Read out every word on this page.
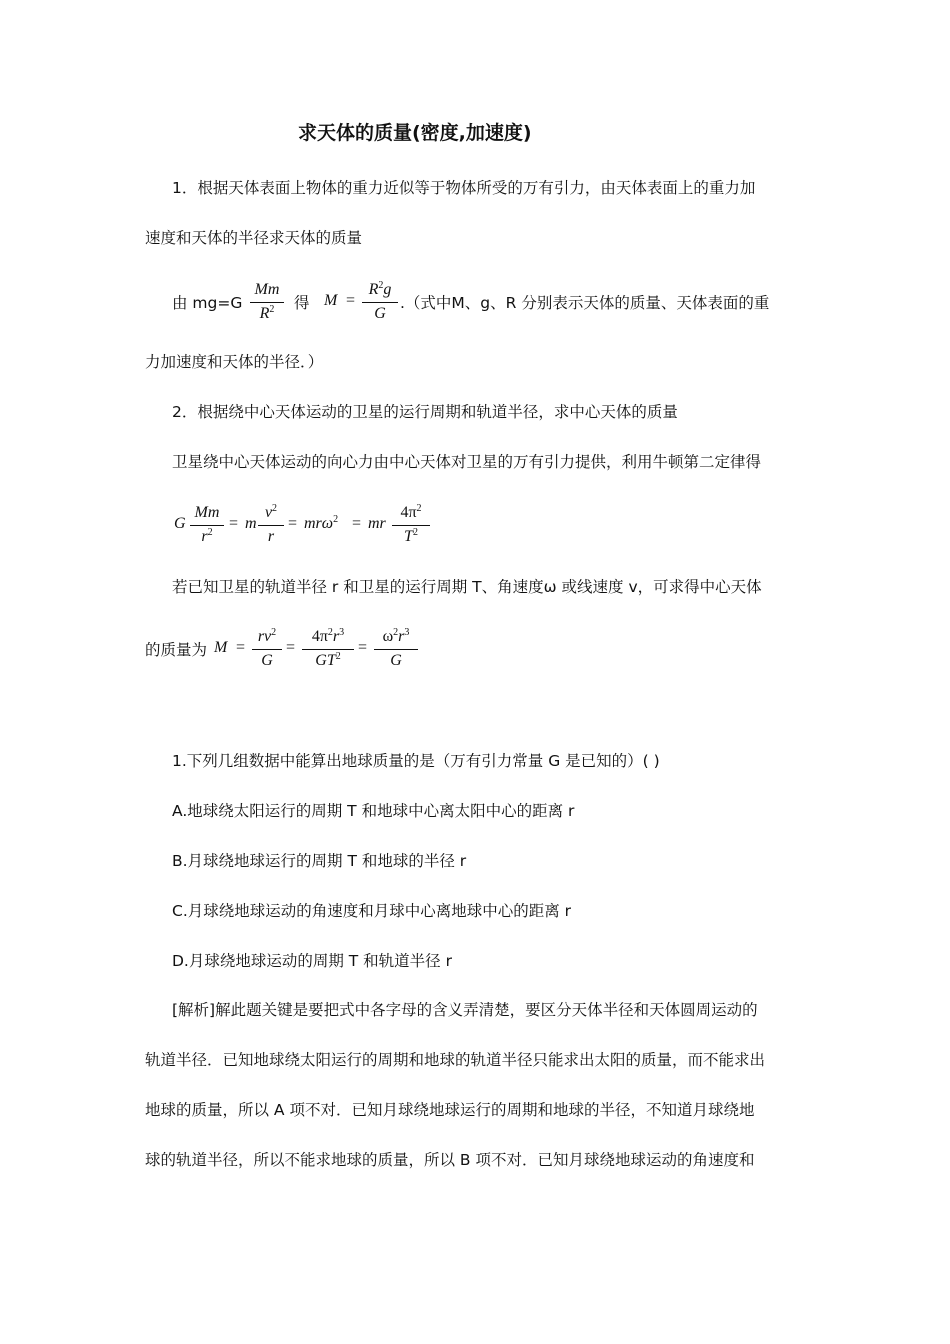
求天体的质量(密度,加速度)
1．根据天体表面上物体的重力近似等于物体所受的万有引力，由天体表面上的重力加
速度和天体的半径求天体的质量
由 mg=G
Mm
$R^2$	得 M =
$R^2g$
G
.（式中M、g、R 分别表示天体的质量、天体表面的重
力加速度和天体的半径．）
2．根据绕中心天体运动的卫星的运行周期和轨道半径，求中心天体的质量
卫星绕中心天体运动的向心力由中心天体对卫星的万有引力提供，利用牛顿第二定律得
G
Mm
$r^2$
= m
$v^2$
r
= mrω$^2$ = mr
$4\pi^2$
$T^2$
若已知卫星的轨道半径 r 和卫星的运行周期 T、角速度ω 或线速度 v，可求得中心天体
的质量为 M =
$rv^2$
G
=
$4\pi^2r^3$
$GT^2$
=
$\omega^2r^3$
G
1.下列几组数据中能算出地球质量的是（万有引力常量 G 是已知的）( )
A.地球绕太阳运行的周期 T 和地球中心离太阳中心的距离 r
B.月球绕地球运行的周期 T 和地球的半径 r
C.月球绕地球运动的角速度和月球中心离地球中心的距离 r
D.月球绕地球运动的周期 T 和轨道半径 r
[解析]解此题关键是要把式中各字母的含义弄清楚，要区分天体半径和天体圆周运动的
轨道半径．已知地球绕太阳运行的周期和地球的轨道半径只能求出太阳的质量，而不能求出
地球的质量，所以 A 项不对．已知月球绕地球运行的周期和地球的半径，不知道月球绕地
球的轨道半径，所以不能求地球的质量，所以 B 项不对．已知月球绕地球运动的角速度和
